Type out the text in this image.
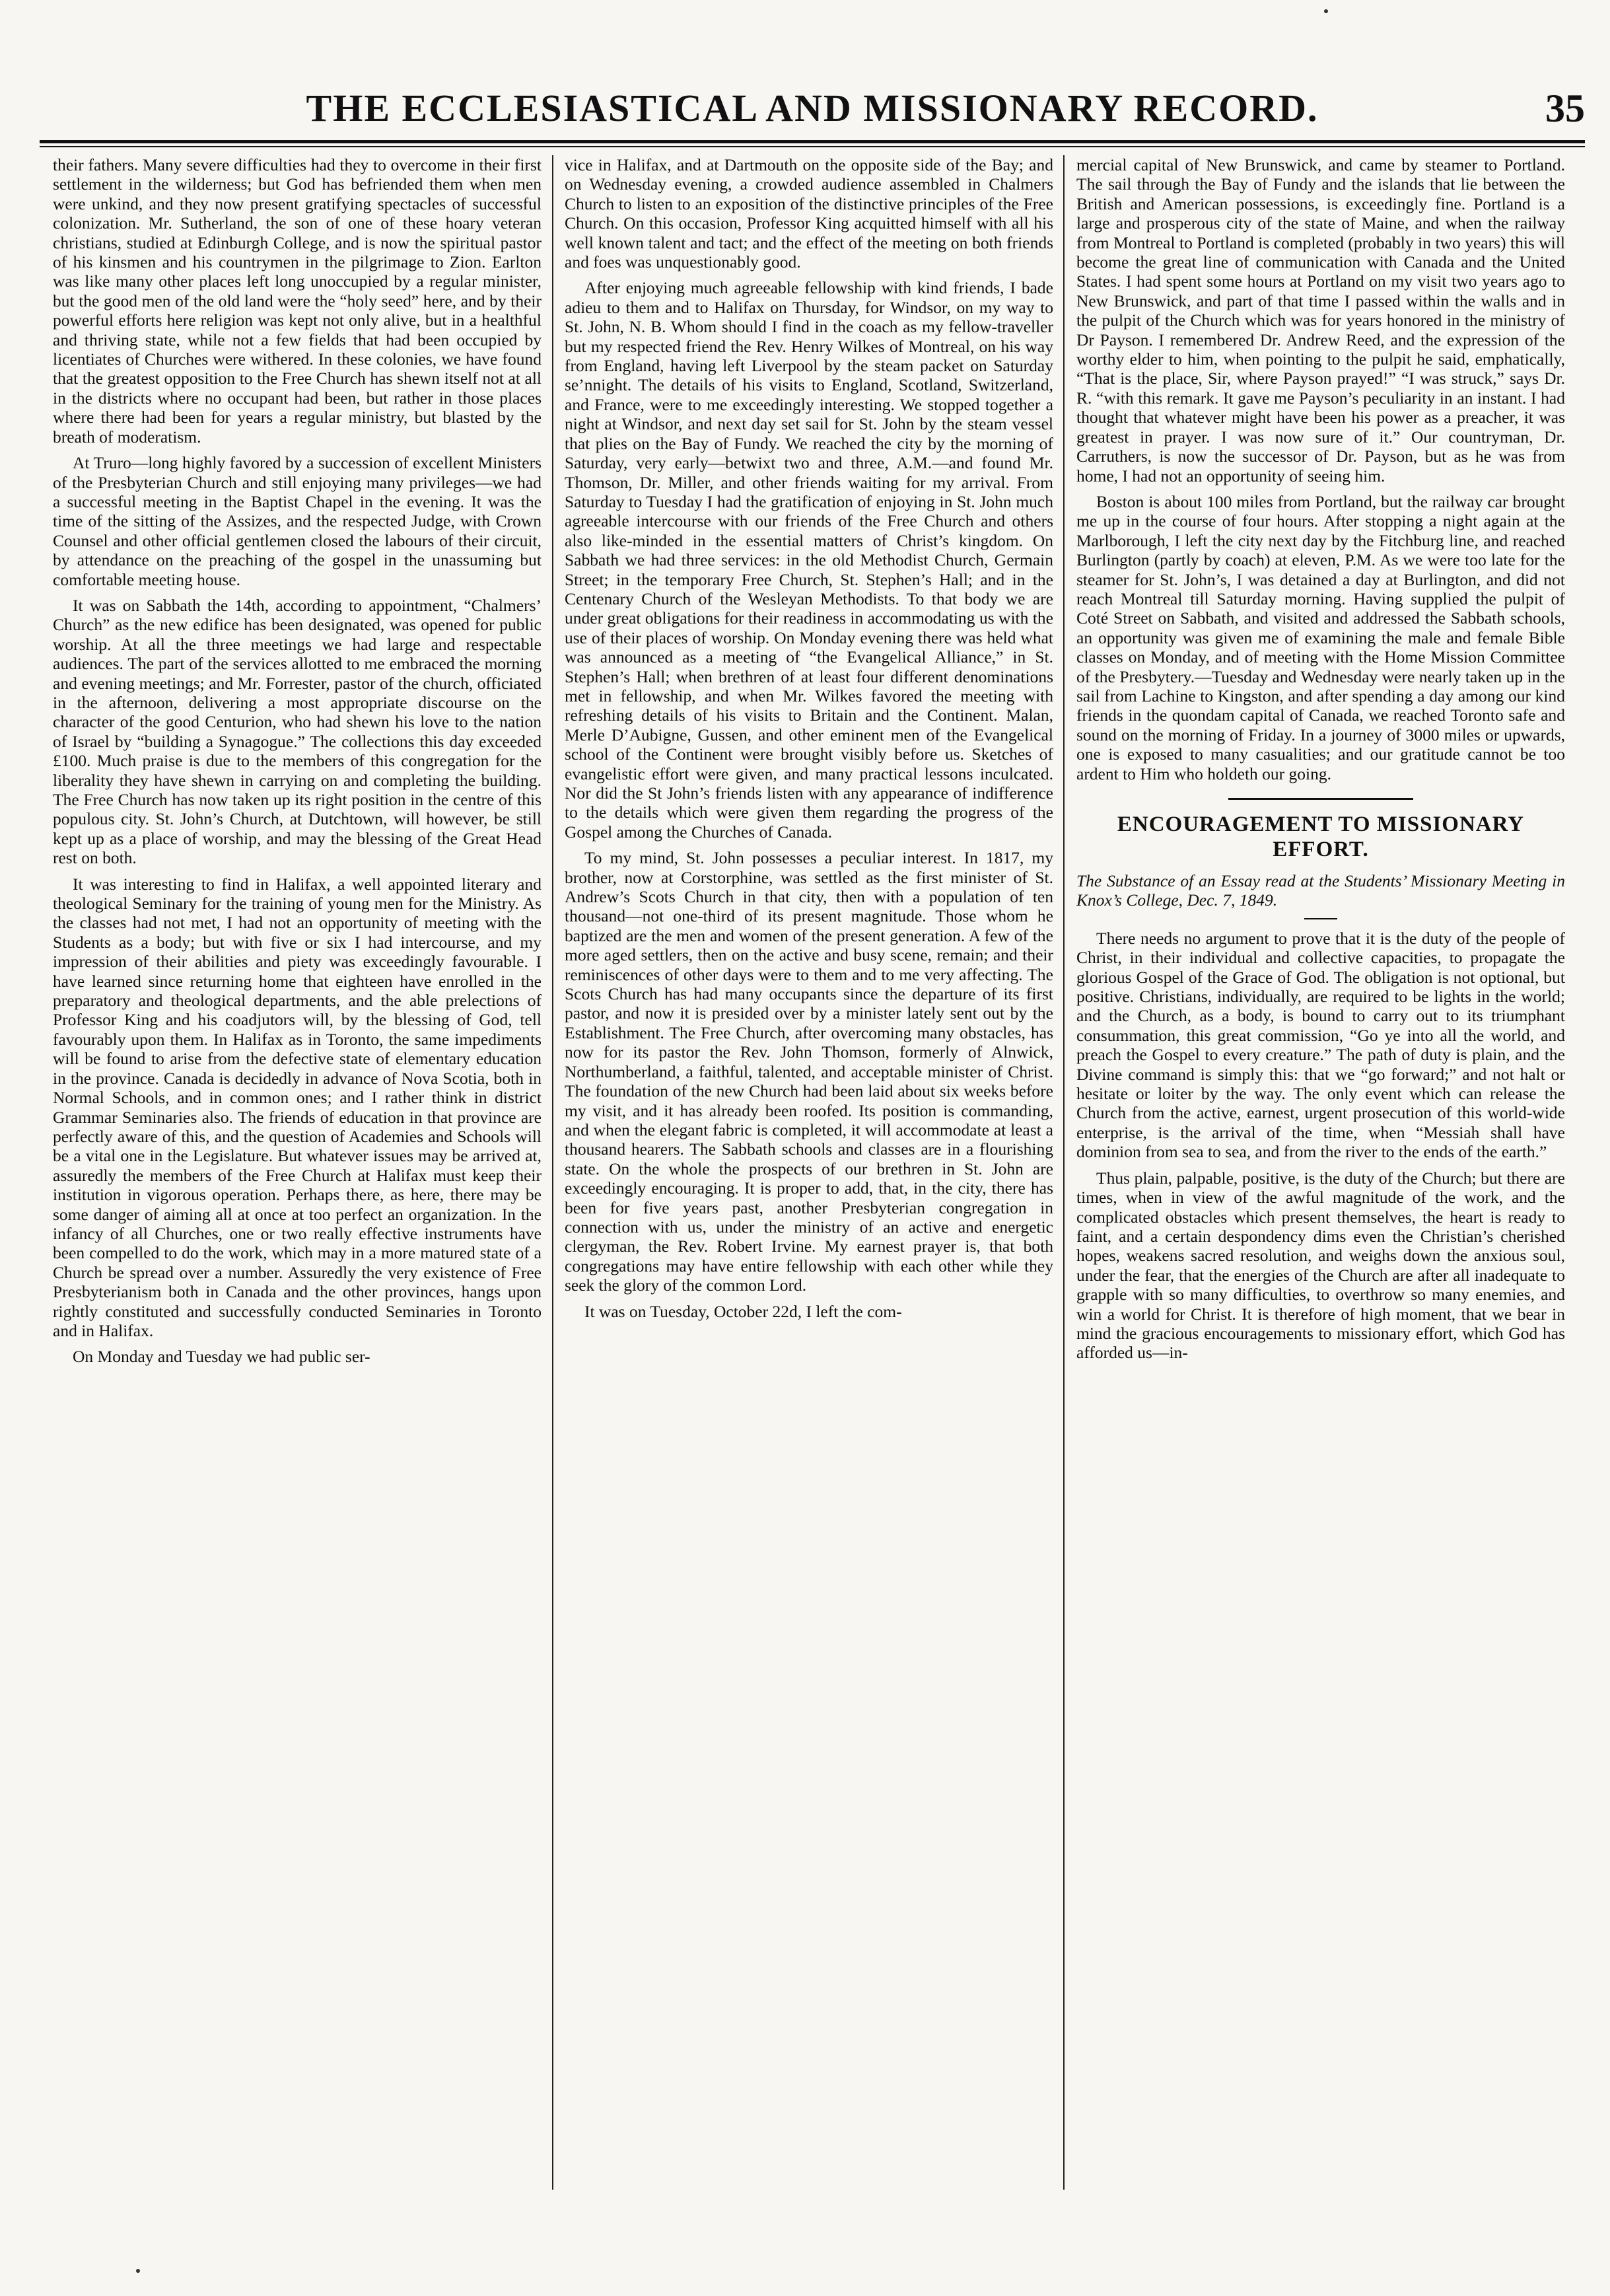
THE ECCLESIASTICAL AND MISSIONARY RECORD.	35

their fathers. Many severe difficulties had they to overcome in their first settlement in the wilderness; but God has befriended them when men were unkind, and they now present gratifying spectacles of successful colonization. Mr. Sutherland, the son of one of these hoary veteran christians, studied at Edinburgh College, and is now the spiritual pastor of his kinsmen and his countrymen in the pilgrimage to Zion. Earlton was like many other places left long unoccupied by a regular minister, but the good men of the old land were the “holy seed” here, and by their powerful efforts here religion was kept not only alive, but in a healthful and thriving state, while not a few fields that had been occupied by licentiates of Churches were withered. In these colonies, we have found that the greatest opposition to the Free Church has shewn itself not at all in the districts where no occupant had been, but rather in those places where there had been for years a regular ministry, but blasted by the breath of moderatism.

At Truro—long highly favored by a succession of excellent Ministers of the Presbyterian Church and still enjoying many privileges—we had a successful meeting in the Baptist Chapel in the evening. It was the time of the sitting of the Assizes, and the respected Judge, with Crown Counsel and other official gentlemen closed the labours of their circuit, by attendance on the preaching of the gospel in the unassuming but comfortable meeting house.

It was on Sabbath the 14th, according to appointment, “Chalmers’ Church” as the new edifice has been designated, was opened for public worship. At all the three meetings we had large and respectable audiences. The part of the services allotted to me embraced the morning and evening meetings; and Mr. Forrester, pastor of the church, officiated in the afternoon, delivering a most appropriate discourse on the character of the good Centurion, who had shewn his love to the nation of Israel by “building a Synagogue.” The collections this day exceeded £100. Much praise is due to the members of this congregation for the liberality they have shewn in carrying on and completing the building. The Free Church has now taken up its right position in the centre of this populous city. St. John’s Church, at Dutchtown, will however, be still kept up as a place of worship, and may the blessing of the Great Head rest on both.

It was interesting to find in Halifax, a well appointed literary and theological Seminary for the training of young men for the Ministry. As the classes had not met, I had not an opportunity of meeting with the Students as a body; but with five or six I had intercourse, and my impression of their abilities and piety was exceedingly favourable. I have learned since returning home that eighteen have enrolled in the preparatory and theological departments, and the able prelections of Professor King and his coadjutors will, by the blessing of God, tell favourably upon them. In Halifax as in Toronto, the same impediments will be found to arise from the defective state of elementary education in the province. Canada is decidedly in advance of Nova Scotia, both in Normal Schools, and in common ones; and I rather think in district Grammar Seminaries also. The friends of education in that province are perfectly aware of this, and the question of Academies and Schools will be a vital one in the Legislature. But whatever issues may be arrived at, assuredly the members of the Free Church at Halifax must keep their institution in vigorous operation. Perhaps there, as here, there may be some danger of aiming all at once at too perfect an organization. In the infancy of all Churches, one or two really effective instruments have been compelled to do the work, which may in a more matured state of a Church be spread over a number. Assuredly the very existence of Free Presbyterianism both in Canada and the other provinces, hangs upon rightly constituted and successfully conducted Seminaries in Toronto and in Halifax.

On Monday and Tuesday we had public ser-

vice in Halifax, and at Dartmouth on the opposite side of the Bay; and on Wednesday evening, a crowded audience assembled in Chalmers Church to listen to an exposition of the distinctive principles of the Free Church. On this occasion, Professor King acquitted himself with all his well known talent and tact; and the effect of the meeting on both friends and foes was unquestionably good.

After enjoying much agreeable fellowship with kind friends, I bade adieu to them and to Halifax on Thursday, for Windsor, on my way to St. John, N. B. Whom should I find in the coach as my fellow-traveller but my respected friend the Rev. Henry Wilkes of Montreal, on his way from England, having left Liverpool by the steam packet on Saturday se’nnight. The details of his visits to England, Scotland, Switzerland, and France, were to me exceedingly interesting. We stopped together a night at Windsor, and next day set sail for St. John by the steam vessel that plies on the Bay of Fundy. We reached the city by the morning of Saturday, very early—betwixt two and three, A.M.—and found Mr. Thomson, Dr. Miller, and other friends waiting for my arrival. From Saturday to Tuesday I had the gratification of enjoying in St. John much agreeable intercourse with our friends of the Free Church and others also like-minded in the essential matters of Christ’s kingdom. On Sabbath we had three services: in the old Methodist Church, Germain Street; in the temporary Free Church, St. Stephen’s Hall; and in the Centenary Church of the Wesleyan Methodists. To that body we are under great obligations for their readiness in accommodating us with the use of their places of worship. On Monday evening there was held what was announced as a meeting of “the Evangelical Alliance,” in St. Stephen’s Hall; when brethren of at least four different denominations met in fellowship, and when Mr. Wilkes favored the meeting with refreshing details of his visits to Britain and the Continent. Malan, Merle D’Aubigne, Gussen, and other eminent men of the Evangelical school of the Continent were brought visibly before us. Sketches of evangelistic effort were given, and many practical lessons inculcated. Nor did the St John’s friends listen with any appearance of indifference to the details which were given them regarding the progress of the Gospel among the Churches of Canada.

To my mind, St. John possesses a peculiar interest. In 1817, my brother, now at Corstorphine, was settled as the first minister of St. Andrew’s Scots Church in that city, then with a population of ten thousand—not one-third of its present magnitude. Those whom he baptized are the men and women of the present generation. A few of the more aged settlers, then on the active and busy scene, remain; and their reminiscences of other days were to them and to me very affecting. The Scots Church has had many occupants since the departure of its first pastor, and now it is presided over by a minister lately sent out by the Establishment. The Free Church, after overcoming many obstacles, has now for its pastor the Rev. John Thomson, formerly of Alnwick, Northumberland, a faithful, talented, and acceptable minister of Christ. The foundation of the new Church had been laid about six weeks before my visit, and it has already been roofed. Its position is commanding, and when the elegant fabric is completed, it will accommodate at least a thousand hearers. The Sabbath schools and classes are in a flourishing state. On the whole the prospects of our brethren in St. John are exceedingly encouraging. It is proper to add, that, in the city, there has been for five years past, another Presbyterian congregation in connection with us, under the ministry of an active and energetic clergyman, the Rev. Robert Irvine. My earnest prayer is, that both congregations may have entire fellowship with each other while they seek the glory of the common Lord.

It was on Tuesday, October 22d, I left the com-

mercial capital of New Brunswick, and came by steamer to Portland. The sail through the Bay of Fundy and the islands that lie between the British and American possessions, is exceedingly fine. Portland is a large and prosperous city of the state of Maine, and when the railway from Montreal to Portland is completed (probably in two years) this will become the great line of communication with Canada and the United States. I had spent some hours at Portland on my visit two years ago to New Brunswick, and part of that time I passed within the walls and in the pulpit of the Church which was for years honored in the ministry of Dr Payson. I remembered Dr. Andrew Reed, and the expression of the worthy elder to him, when pointing to the pulpit he said, emphatically, “That is the place, Sir, where Payson prayed!” “I was struck,” says Dr. R. “with this remark. It gave me Payson’s peculiarity in an instant. I had thought that whatever might have been his power as a preacher, it was greatest in prayer. I was now sure of it.” Our countryman, Dr. Carruthers, is now the successor of Dr. Payson, but as he was from home, I had not an opportunity of seeing him.

Boston is about 100 miles from Portland, but the railway car brought me up in the course of four hours. After stopping a night again at the Marlborough, I left the city next day by the Fitchburg line, and reached Burlington (partly by coach) at eleven, P.M. As we were too late for the steamer for St. John’s, I was detained a day at Burlington, and did not reach Montreal till Saturday morning. Having supplied the pulpit of Coté Street on Sabbath, and visited and addressed the Sabbath schools, an opportunity was given me of examining the male and female Bible classes on Monday, and of meeting with the Home Mission Committee of the Presbytery.—Tuesday and Wednesday were nearly taken up in the sail from Lachine to Kingston, and after spending a day among our kind friends in the quondam capital of Canada, we reached Toronto safe and sound on the morning of Friday. In a journey of 3000 miles or upwards, one is exposed to many casualities; and our gratitude cannot be too ardent to Him who holdeth our going.

ENCOURAGEMENT TO MISSIONARY EFFORT.
The Substance of an Essay read at the Students’ Missionary Meeting in Knox’s College, Dec. 7, 1849.

There needs no argument to prove that it is the duty of the people of Christ, in their individual and collective capacities, to propagate the glorious Gospel of the Grace of God. The obligation is not optional, but positive. Christians, individually, are required to be lights in the world; and the Church, as a body, is bound to carry out to its triumphant consummation, this great commission, “Go ye into all the world, and preach the Gospel to every creature.” The path of duty is plain, and the Divine command is simply this: that we “go forward;” and not halt or hesitate or loiter by the way. The only event which can release the Church from the active, earnest, urgent prosecution of this world-wide enterprise, is the arrival of the time, when “Messiah shall have dominion from sea to sea, and from the river to the ends of the earth.”

Thus plain, palpable, positive, is the duty of the Church; but there are times, when in view of the awful magnitude of the work, and the complicated obstacles which present themselves, the heart is ready to faint, and a certain despondency dims even the Christian’s cherished hopes, weakens sacred resolution, and weighs down the anxious soul, under the fear, that the energies of the Church are after all inadequate to grapple with so many difficulties, to overthrow so many enemies, and win a world for Christ. It is therefore of high moment, that we bear in mind the gracious encouragements to missionary effort, which God has afforded us—in-
